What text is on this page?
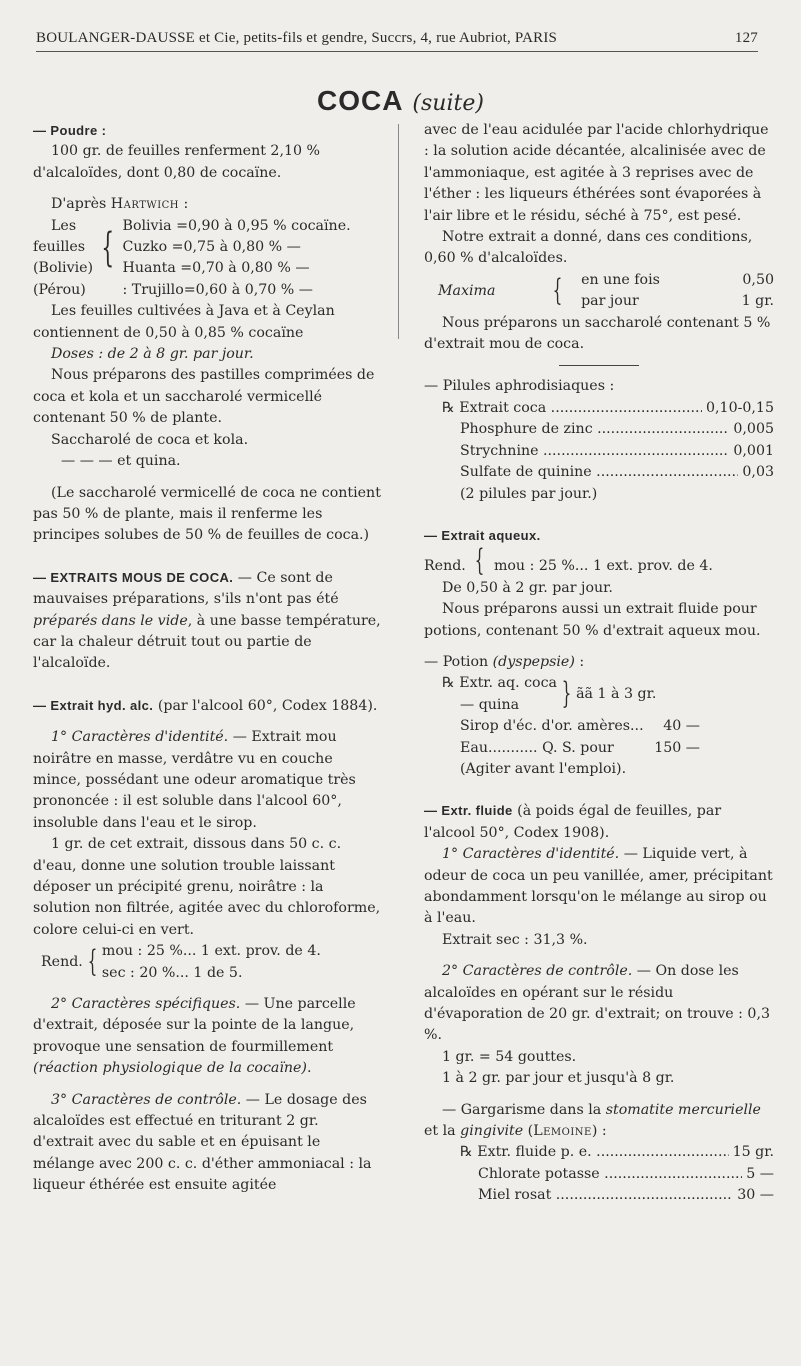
BOULANGER-DAUSSE et Cie, petits-fils et gendre, Succrs, 4, rue Aubriot, PARIS	127
COCA (suite)

— Poudre :

100 gr. de feuilles renferment 2,10 % d'alcaloïdes, dont 0,80 de cocaïne.

D'après Hartwich :

Les	{	Bolivia =0,90 à 0,95 % cocaïne.
feuilles		Cuzko =0,75 à 0,80 % —
(Bolivie)		Huanta =0,70 à 0,80 % —
(Pérou)		: Trujillo=0,60 à 0,70 % —

Les feuilles cultivées à Java et à Ceylan contiennent de 0,50 à 0,85 % cocaïne

Doses : de 2 à 8 gr. par jour.

Nous préparons des pastilles comprimées de coca et kola et un saccharolé vermicellé contenant 50 % de plante.

Saccharolé de coca et kola.

— — — et quina.

(Le saccharolé vermicellé de coca ne contient pas 50 % de plante, mais il renferme les principes solubes de 50 % de feuilles de coca.)

— EXTRAITS MOUS DE COCA. — Ce sont de mauvaises préparations, s'ils n'ont pas été préparés dans le vide, à une basse température, car la chaleur détruit tout ou partie de l'alcaloïde.

— Extrait hyd. alc. (par l'alcool 60°, Codex 1884).

1° Caractères d'identité. — Extrait mou noirâtre en masse, verdâtre vu en couche mince, possédant une odeur aromatique très prononcée : il est soluble dans l'alcool 60°, insoluble dans l'eau et le sirop.

1 gr. de cet extrait, dissous dans 50 c. c. d'eau, donne une solution trouble laissant déposer un précipité grenu, noirâtre : la solution non filtrée, agitée avec du chloroforme, colore celui-ci en vert.

Rend.	{	mou : 25 %... 1 ext. prov. de 4.
sec : 20 %... 1 de 5.

2° Caractères spécifiques. — Une parcelle d'extrait, déposée sur la pointe de la langue, provoque une sensation de fourmillement (réaction physiologique de la cocaïne).

3° Caractères de contrôle. — Le dosage des alcaloïdes est effectué en triturant 2 gr. d'extrait avec du sable et en épuisant le mélange avec 200 c. c. d'éther ammoniacal : la liqueur éthérée est ensuite agitée

avec de l'eau acidulée par l'acide chlorhydrique : la solution acide décantée, alcalinisée avec de l'ammoniaque, est agitée à 3 reprises avec de l'éther : les liqueurs éthérées sont évaporées à l'air libre et le résidu, séché à 75°, est pesé.

Notre extrait a donné, dans ces conditions, 0,60 % d'alcaloïdes.

Maxima	{	en une fois	0,50
		par jour	1 gr.

Nous préparons un saccharolé contenant 5 % d'extrait mou de coca.

— Pilules aphrodisiaques :

℞ Extrait coca .....	0,10-0,15
Phosphure de zinc .....	0,005
Strychnine .....	0,001
Sulfate de quinine .....	0,03

(2 pilules par jour.)

— Extrait aqueux.

Rend. { mou : 25 %... 1 ext. prov. de 4.

De 0,50 à 2 gr. par jour.

Nous préparons aussi un extrait fluide pour potions, contenant 50 % d'extrait aqueux mou.

— Potion (dyspepsie) :

℞ Extr. aq. coca	}	ãã 1 à 3 gr.
— quina
Sirop d'éc. d'or. amères... 40 —
Eau........... Q. S. pour	150 —

(Agiter avant l'emploi).

— Extr. fluide (à poids égal de feuilles, par l'alcool 50°, Codex 1908).

1° Caractères d'identité. — Liquide vert, à odeur de coca un peu vanillée, amer, précipitant abondamment lorsqu'on le mélange au sirop ou à l'eau.

Extrait sec : 31,3 %.

2° Caractères de contrôle. — On dose les alcaloïdes en opérant sur le résidu d'évaporation de 20 gr. d'extrait; on trouve : 0,3 %.

1 gr. = 54 gouttes.

1 à 2 gr. par jour et jusqu'à 8 gr.

— Gargarisme dans la stomatite mercurielle et la gingivite (Lemoine) :

℞ Extr. fluide p. e. .....	15 gr.
Chlorate potasse .....	5 —
Miel rosat .....	30 —
